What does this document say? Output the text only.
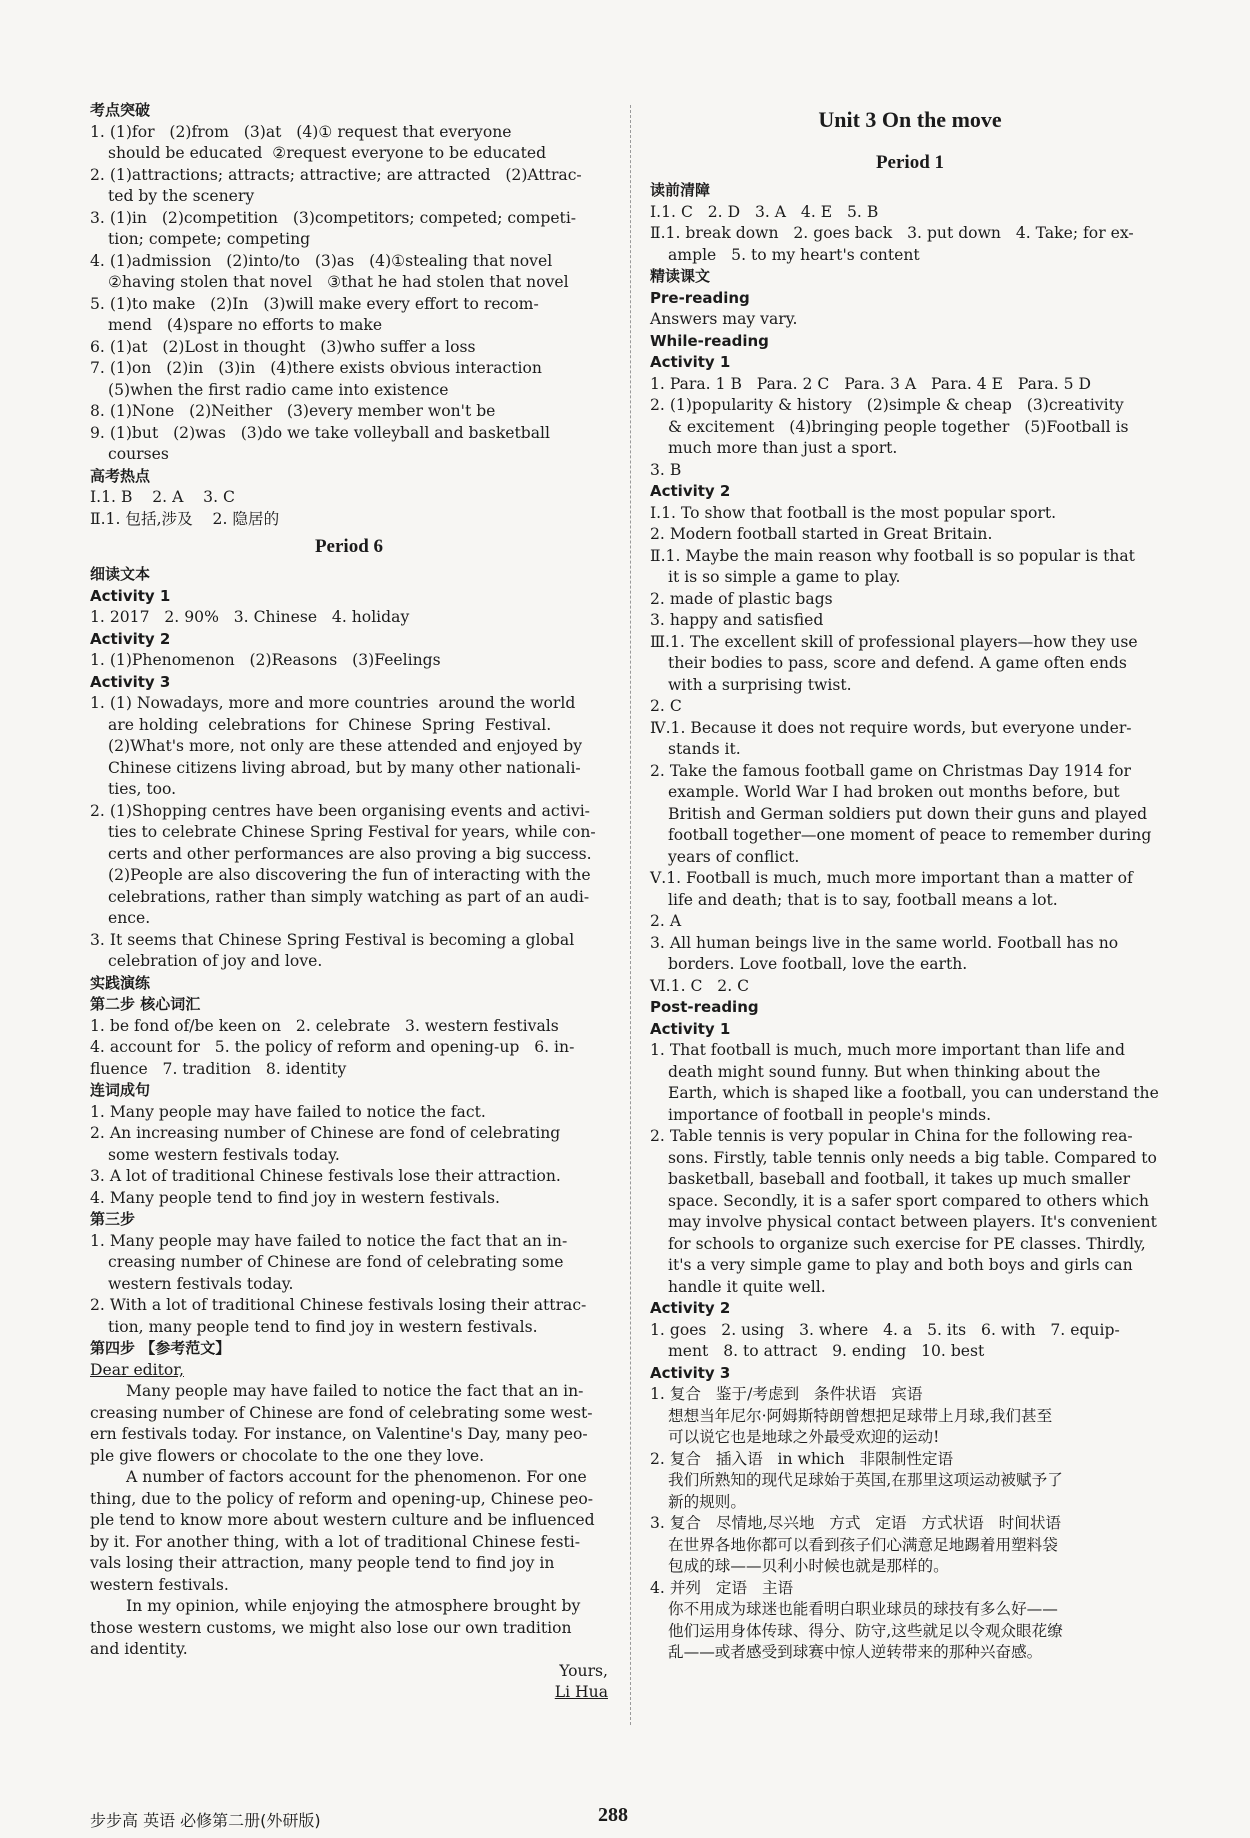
考点突破
1. (1)for   (2)from   (3)at   (4)① request that everyone
should be educated  ②request everyone to be educated
2. (1)attractions; attracts; attractive; are attracted   (2)Attrac-
ted by the scenery
3. (1)in   (2)competition   (3)competitors; competed; competi-
tion; compete; competing
4. (1)admission   (2)into/to   (3)as   (4)①stealing that novel
②having stolen that novel   ③that he had stolen that novel
5. (1)to make   (2)In   (3)will make every effort to recom-
mend   (4)spare no efforts to make
6. (1)at   (2)Lost in thought   (3)who suffer a loss
7. (1)on   (2)in   (3)in   (4)there exists obvious interaction
(5)when the first radio came into existence
8. (1)None   (2)Neither   (3)every member won't be
9. (1)but   (2)was   (3)do we take volleyball and basketball
courses
高考热点
Ⅰ.1. B    2. A    3. C
Ⅱ.1. 包括,涉及    2. 隐居的
Period 6
细读文本
Activity 1
1. 2017   2. 90%   3. Chinese   4. holiday
Activity 2
1. (1)Phenomenon   (2)Reasons   (3)Feelings
Activity 3
1. (1) Nowadays, more and more countries  around the world
are holding  celebrations  for  Chinese  Spring  Festival.
(2)What's more, not only are these attended and enjoyed by
Chinese citizens living abroad, but by many other nationali-
ties, too.
2. (1)Shopping centres have been organising events and activi-
ties to celebrate Chinese Spring Festival for years, while con-
certs and other performances are also proving a big success.
(2)People are also discovering the fun of interacting with the
celebrations, rather than simply watching as part of an audi-
ence.
3. It seems that Chinese Spring Festival is becoming a global
celebration of joy and love.
实践演练
第二步 核心词汇
1. be fond of/be keen on   2. celebrate   3. western festivals
4. account for   5. the policy of reform and opening-up   6. in-
fluence   7. tradition   8. identity
连词成句
1. Many people may have failed to notice the fact.
2. An increasing number of Chinese are fond of celebrating
some western festivals today.
3. A lot of traditional Chinese festivals lose their attraction.
4. Many people tend to find joy in western festivals.
第三步
1. Many people may have failed to notice the fact that an in-
creasing number of Chinese are fond of celebrating some
western festivals today.
2. With a lot of traditional Chinese festivals losing their attrac-
tion, many people tend to find joy in western festivals.
第四步 【参考范文】
Dear editor,
Many people may have failed to notice the fact that an in-
creasing number of Chinese are fond of celebrating some west-
ern festivals today. For instance, on Valentine's Day, many peo-
ple give flowers or chocolate to the one they love.
A number of factors account for the phenomenon. For one
thing, due to the policy of reform and opening-up, Chinese peo-
ple tend to know more about western culture and be influenced
by it. For another thing, with a lot of traditional Chinese festi-
vals losing their attraction, many people tend to find joy in
western festivals.
In my opinion, while enjoying the atmosphere brought by
those western customs, we might also lose our own tradition
and identity.
Yours,
Li Hua
Unit 3 On the move
Period 1
读前清障
Ⅰ.1. C   2. D   3. A   4. E   5. B
Ⅱ.1. break down   2. goes back   3. put down   4. Take; for ex-
ample   5. to my heart's content
精读课文
Pre-reading
Answers may vary.
While-reading
Activity 1
1. Para. 1 B   Para. 2 C   Para. 3 A   Para. 4 E   Para. 5 D
2. (1)popularity & history   (2)simple & cheap   (3)creativity
& excitement   (4)bringing people together   (5)Football is
much more than just a sport.
3. B
Activity 2
Ⅰ.1. To show that football is the most popular sport.
2. Modern football started in Great Britain.
Ⅱ.1. Maybe the main reason why football is so popular is that
it is so simple a game to play.
2. made of plastic bags
3. happy and satisfied
Ⅲ.1. The excellent skill of professional players—how they use
their bodies to pass, score and defend. A game often ends
with a surprising twist.
2. C
Ⅳ.1. Because it does not require words, but everyone under-
stands it.
2. Take the famous football game on Christmas Day 1914 for
example. World War Ⅰ had broken out months before, but
British and German soldiers put down their guns and played
football together—one moment of peace to remember during
years of conflict.
Ⅴ.1. Football is much, much more important than a matter of
life and death; that is to say, football means a lot.
2. A
3. All human beings live in the same world. Football has no
borders. Love football, love the earth.
Ⅵ.1. C   2. C
Post-reading
Activity 1
1. That football is much, much more important than life and
death might sound funny. But when thinking about the
Earth, which is shaped like a football, you can understand the
importance of football in people's minds.
2. Table tennis is very popular in China for the following rea-
sons. Firstly, table tennis only needs a big table. Compared to
basketball, baseball and football, it takes up much smaller
space. Secondly, it is a safer sport compared to others which
may involve physical contact between players. It's convenient
for schools to organize such exercise for PE classes. Thirdly,
it's a very simple game to play and both boys and girls can
handle it quite well.
Activity 2
1. goes   2. using   3. where   4. a   5. its   6. with   7. equip-
ment   8. to attract   9. ending   10. best
Activity 3
1. 复合   鉴于/考虑到   条件状语   宾语
想想当年尼尔·阿姆斯特朗曾想把足球带上月球,我们甚至
可以说它也是地球之外最受欢迎的运动!
2. 复合   插入语   in which   非限制性定语
我们所熟知的现代足球始于英国,在那里这项运动被赋予了
新的规则。
3. 复合   尽情地,尽兴地   方式   定语   方式状语   时间状语
在世界各地你都可以看到孩子们心满意足地踢着用塑料袋
包成的球——贝利小时候也就是那样的。
4. 并列   定语   主语
你不用成为球迷也能看明白职业球员的球技有多么好——
他们运用身体传球、得分、防守,这些就足以令观众眼花缭
乱——或者感受到球赛中惊人逆转带来的那种兴奋感。
步步高 英语 必修第二册(外研版)	288
